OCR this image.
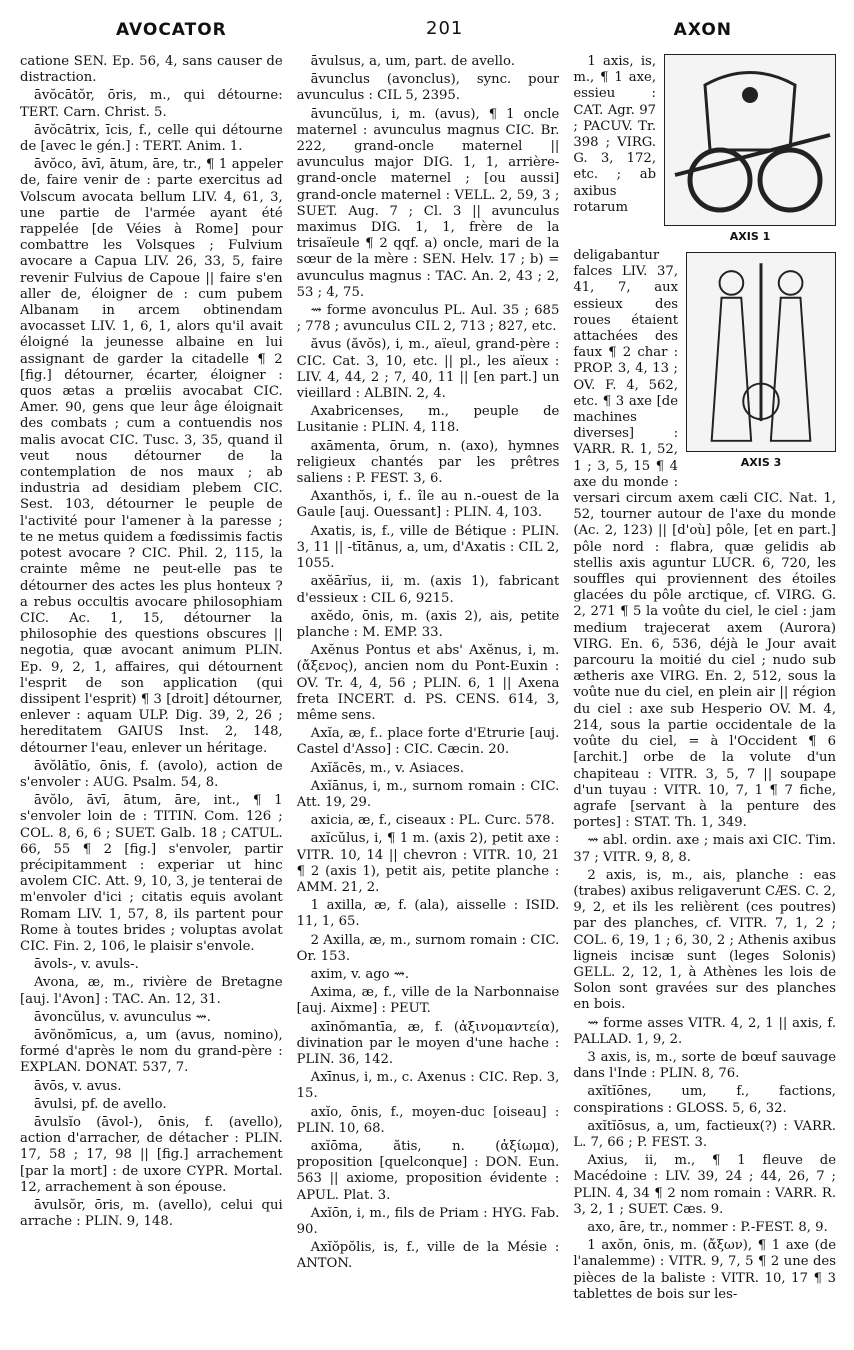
AVOCATOR	201	AXON

catione SEN. Ep. 56, 4, sans causer de distraction.

āvŏcātŏr, ōris, m., qui détourne: TERT. Carn. Christ. 5.

āvŏcātrix, īcis, f., celle qui détourne de [avec le gén.] : TERT. Anim. 1.

āvŏco, āvī, ātum, āre, tr., ¶ 1 appeler de, faire venir de : parte exercitus ad Volscum avocata bellum LIV. 4, 61, 3, une partie de l'armée ayant été rappelée [de Véies à Rome] pour combattre les Volsques ; Fulvium avocare a Capua LIV. 26, 33, 5, faire revenir Fulvius de Capoue || faire s'en aller de, éloigner de : cum pubem Albanam in arcem obtinendam avocasset LIV. 1, 6, 1, alors qu'il avait éloigné la jeunesse albaine en lui assignant de garder la citadelle ¶ 2 [fig.] détourner, écarter, éloigner : quos ætas a prœliis avocabat CIC. Amer. 90, gens que leur âge éloignait des combats ; cum a contuendis nos malis avocat CIC. Tusc. 3, 35, quand il veut nous détourner de la contemplation de nos maux ; ab industria ad desidiam plebem CIC. Sest. 103, détourner le peuple de l'activité pour l'amener à la paresse ; te ne metus quidem a fœdissimis factis potest avocare ? CIC. Phil. 2, 115, la crainte même ne peut-elle pas te détourner des actes les plus honteux ? a rebus occultis avocare philosophiam CIC. Ac. 1, 15, détourner la philosophie des questions obscures || negotia, quæ avocant animum PLIN. Ep. 9, 2, 1, affaires, qui détournent l'esprit de son application (qui dissipent l'esprit) ¶ 3 [droit] détourner, enlever : aquam ULP. Dig. 39, 2, 26 ; hereditatem GAIUS Inst. 2, 148, détourner l'eau, enlever un héritage.

āvŏlātĭo, ōnis, f. (avolo), action de s'envoler : AUG. Psalm. 54, 8.

āvŏlo, āvī, ātum, āre, int., ¶ 1 s'envoler loin de : TITIN. Com. 126 ; COL. 8, 6, 6 ; SUET. Galb. 18 ; CATUL. 66, 55 ¶ 2 [fig.] s'envoler, partir précipitamment : experiar ut hinc avolem CIC. Att. 9, 10, 3, je tenterai de m'envoler d'ici ; citatis equis avolant Romam LIV. 1, 57, 8, ils partent pour Rome à toutes brides ; voluptas avolat CIC. Fin. 2, 106, le plaisir s'envole.

āvols-, v. avuls-.

Avona, æ, m., rivière de Bretagne [auj. l'Avon] : TAC. An. 12, 31.

āvoncŭlus, v. avunculus ⇝.

āvŏnŏmīcus, a, um (avus, nomino), formé d'après le nom du grand-père : EXPLAN. DONAT. 537, 7.

āvōs, v. avus.

āvulsi, pf. de avello.

āvulsĭo (āvol-), ōnis, f. (avello), action d'arracher, de détacher : PLIN. 17, 58 ; 17, 98 || [fig.] arrachement [par la mort] : de uxore CYPR. Mortal. 12, arrachement à son épouse.

āvulsŏr, ōris, m. (avello), celui qui arrache : PLIN. 9, 148.

āvulsus, a, um, part. de avello.

āvunclus (avonclus), sync. pour avunculus : CIL 5, 2395.

āvuncŭlus, i, m. (avus), ¶ 1 oncle maternel : avunculus magnus CIC. Br. 222, grand-oncle maternel || avunculus major DIG. 1, 1, arrière-grand-oncle maternel ; [ou aussi] grand-oncle maternel : VELL. 2, 59, 3 ; SUET. Aug. 7 ; Cl. 3 || avunculus maximus DIG. 1, 1, frère de la trisaïeule ¶ 2 qqf. a) oncle, mari de la sœur de la mère : SEN. Helv. 17 ; b) = avunculus magnus : TAC. An. 2, 43 ; 2, 53 ; 4, 75.

⇝ forme avonculus PL. Aul. 35 ; 685 ; 778 ; avunculus CIL 2, 713 ; 827, etc.

ăvus (ăvŏs), i, m., aïeul, grand-père : CIC. Cat. 3, 10, etc. || pl., les aïeux : LIV. 4, 44, 2 ; 7, 40, 11 || [en part.] un vieillard : ALBIN. 2, 4.

Axabricenses, m., peuple de Lusitanie : PLIN. 4, 118.

axāmenta, ōrum, n. (axo), hymnes religieux chantés par les prêtres saliens : P. FEST. 3, 6.

Axanthŏs, i, f.. île au n.-ouest de la Gaule [auj. Ouessant] : PLIN. 4, 103.

Axatis, is, f., ville de Bétique : PLIN. 3, 11 || -tītānus, a, um, d'Axatis : CIL 2, 1055.

axĕārĭus, ii, m. (axis 1), fabricant d'essieux : CIL 6, 9215.

axĕdo, ōnis, m. (axis 2), ais, petite planche : M. EMP. 33.

Axĕnus Pontus et abs' Axĕnus, i, m. (ἄξενος), ancien nom du Pont-Euxin : OV. Tr. 4, 4, 56 ; PLIN. 6, 1 || Axena freta INCERT. d. PS. CENS. 614, 3, même sens.

Axĭa, æ, f.. place forte d'Etrurie [auj. Castel d'Asso] : CIC. Cæcin. 20.

Axĭăcēs, m., v. Asiaces.

Axĭānus, i, m., surnom romain : CIC. Att. 19, 29.

axicia, æ, f., ciseaux : PL. Curc. 578.

axĭcŭlus, i, ¶ 1 m. (axis 2), petit axe : VITR. 10, 14 || chevron : VITR. 10, 21 ¶ 2 (axis 1), petit ais, petite planche : AMM. 21, 2.

1 axilla, æ, f. (ala), aisselle : ISID. 11, 1, 65.

2 Axilla, æ, m., surnom romain : CIC. Or. 153.

axim, v. ago ⇝.

Axima, æ, f., ville de la Narbonnaise [auj. Aixme] : PEUT.

axīnŏmantīa, æ, f. (ἀξινομαντεία), divination par le moyen d'une hache : PLIN. 36, 142.

Axīnus, i, m., c. Axenus : CIC. Rep. 3, 15.

axĭo, ōnis, f., moyen-duc [oiseau] : PLIN. 10, 68.

axĭōma, ătis, n. (ἀξίωμα), proposition [quelconque] : DON. Eun. 563 || axiome, proposition évidente : APUL. Plat. 3.

Axĭōn, i, m., fils de Priam : HYG. Fab. 90.

Axĭŏpŏlis, is, f., ville de la Mésie : ANTON.

AXIS 1
AXIS 3

1 axis, is, m., ¶ 1 axe, essieu : CAT. Agr. 97 ; PACUV. Tr. 398 ; VIRG. G. 3, 172, etc. ; ab axibus rotarum deligabantur falces LIV. 37, 41, 7, aux essieux des roues étaient attachées des faux ¶ 2 char : PROP. 3, 4, 13 ; OV. F. 4, 562, etc. ¶ 3 axe [de machines diverses] : VARR. R. 1, 52, 1 ; 3, 5, 15 ¶ 4 axe du monde : versari circum axem cæli CIC. Nat. 1, 52, tourner autour de l'axe du monde (Ac. 2, 123) || [d'où] pôle, [et en part.] pôle nord : flabra, quæ gelidis ab stellis axis aguntur LUCR. 6, 720, les souffles qui proviennent des étoiles glacées du pôle arctique, cf. VIRG. G. 2, 271 ¶ 5 la voûte du ciel, le ciel : jam medium trajecerat axem (Aurora) VIRG. En. 6, 536, déjà le Jour avait parcouru la moitié du ciel ; nudo sub ætheris axe VIRG. En. 2, 512, sous la voûte nue du ciel, en plein air || région du ciel : axe sub Hesperio OV. M. 4, 214, sous la partie occidentale de la voûte du ciel, = à l'Occident ¶ 6 [archit.] orbe de la volute d'un chapiteau : VITR. 3, 5, 7 || soupape d'un tuyau : VITR. 10, 7, 1 ¶ 7 fiche, agrafe [servant à la penture des portes] : STAT. Th. 1, 349.

⇝ abl. ordin. axe ; mais axi CIC. Tim. 37 ; VITR. 9, 8, 8.

2 axis, is, m., ais, planche : eas (trabes) axibus religaverunt CÆS. C. 2, 9, 2, et ils les relièrent (ces poutres) par des planches, cf. VITR. 7, 1, 2 ; COL. 6, 19, 1 ; 6, 30, 2 ; Athenis axibus ligneis incisæ sunt (leges Solonis) GELL. 2, 12, 1, à Athènes les lois de Solon sont gravées sur des planches en bois.

⇝ forme asses VITR. 4, 2, 1 || axis, f. PALLAD. 1, 9, 2.

3 axis, is, m., sorte de bœuf sauvage dans l'Inde : PLIN. 8, 76.

axĭtĭōnes, um, f., factions, conspirations : GLOSS. 5, 6, 32.

axĭtĭōsus, a, um, factieux(?) : VARR. L. 7, 66 ; P. FEST. 3.

Axius, ii, m., ¶ 1 fleuve de Macédoine : LIV. 39, 24 ; 44, 26, 7 ; PLIN. 4, 34 ¶ 2 nom romain : VARR. R. 3, 2, 1 ; SUET. Cæs. 9.

axo, āre, tr., nommer : P.-FEST. 8, 9.

1 axŏn, ōnis, m. (ἄξων), ¶ 1 axe (de l'analemme) : VITR. 9, 7, 5 ¶ 2 une des pièces de la baliste : VITR. 10, 17 ¶ 3 tablettes de bois sur les-
